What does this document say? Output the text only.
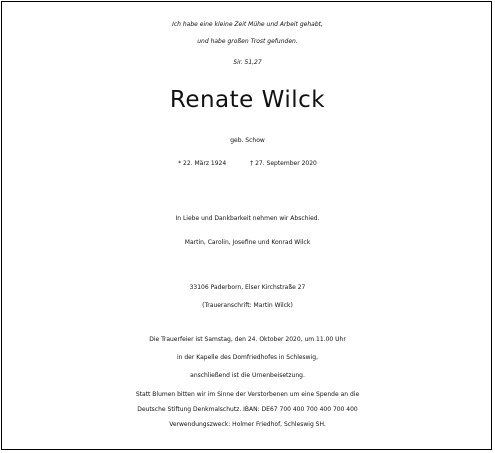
Ich habe eine kleine Zeit Mühe und Arbeit gehabt,
und habe großen Trost gefunden.
Sir. 51,27
Renate Wilck
geb. Schow
* 22. März 1924	† 27. September 2020
In Liebe und Dankbarkeit nehmen wir Abschied.
Martin, Carolin, Josefine und Konrad Wilck
33106 Paderborn, Elser Kirchstraße 27
(Traueranschrift: Martin Wilck)
Die Trauerfeier ist Samstag, den 24. Oktober 2020, um 11.00 Uhr
in der Kapelle des Domfriedhofes in Schleswig,
anschließend ist die Urnenbeisetzung.
Statt Blumen bitten wir im Sinne der Verstorbenen um eine Spende an die
Deutsche Stiftung Denkmalschutz. IBAN: DE67 700 400 700 400 700 400
Verwendungszweck: Holmer Friedhof, Schleswig SH.
